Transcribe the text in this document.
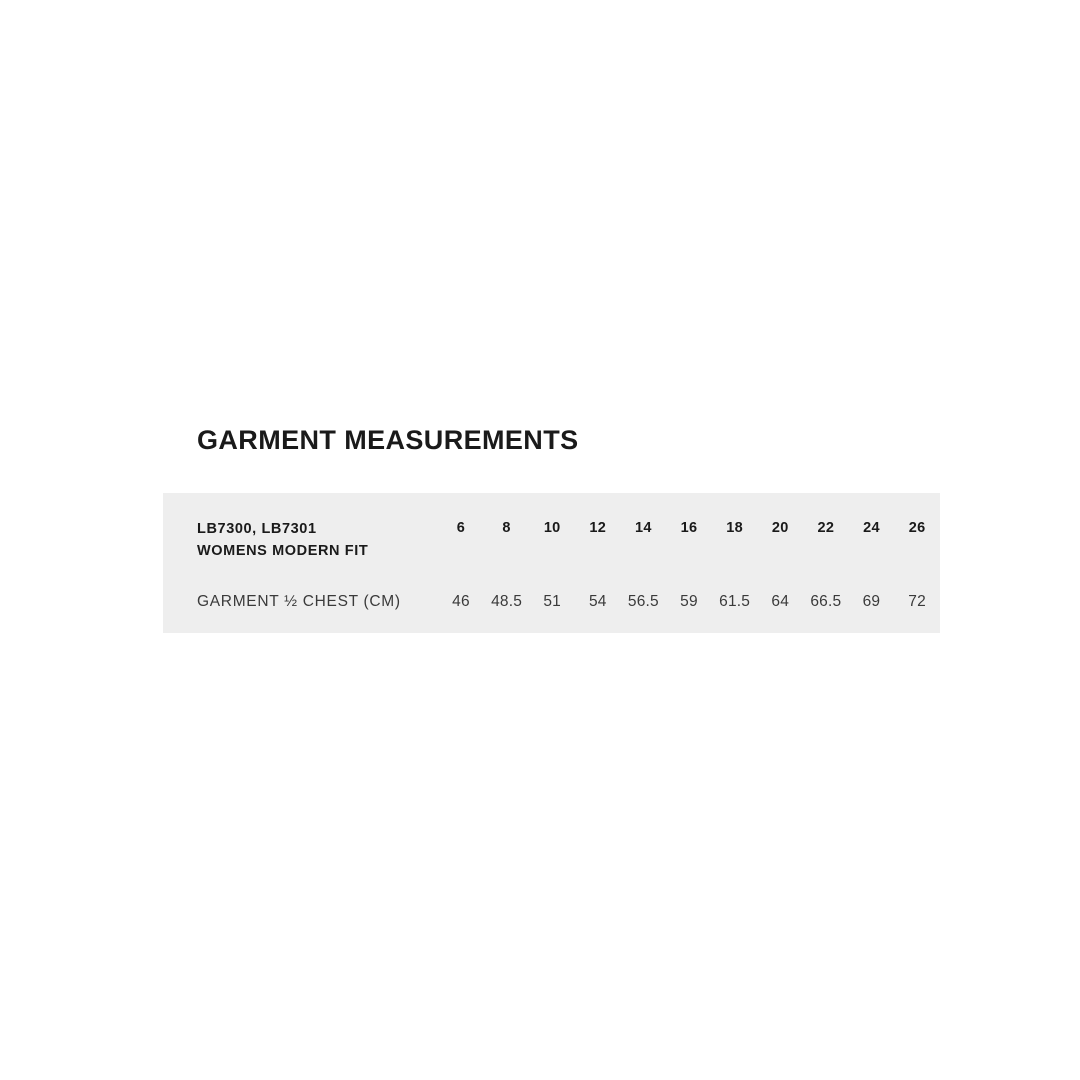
GARMENT MEASUREMENTS
LB7300, LB7301
WOMENS MODERN FIT	6	8	10	12	14	16	18	20	22	24	26
GARMENT ½ CHEST (CM)	46	48.5	51	54	56.5	59	61.5	64	66.5	69	72
